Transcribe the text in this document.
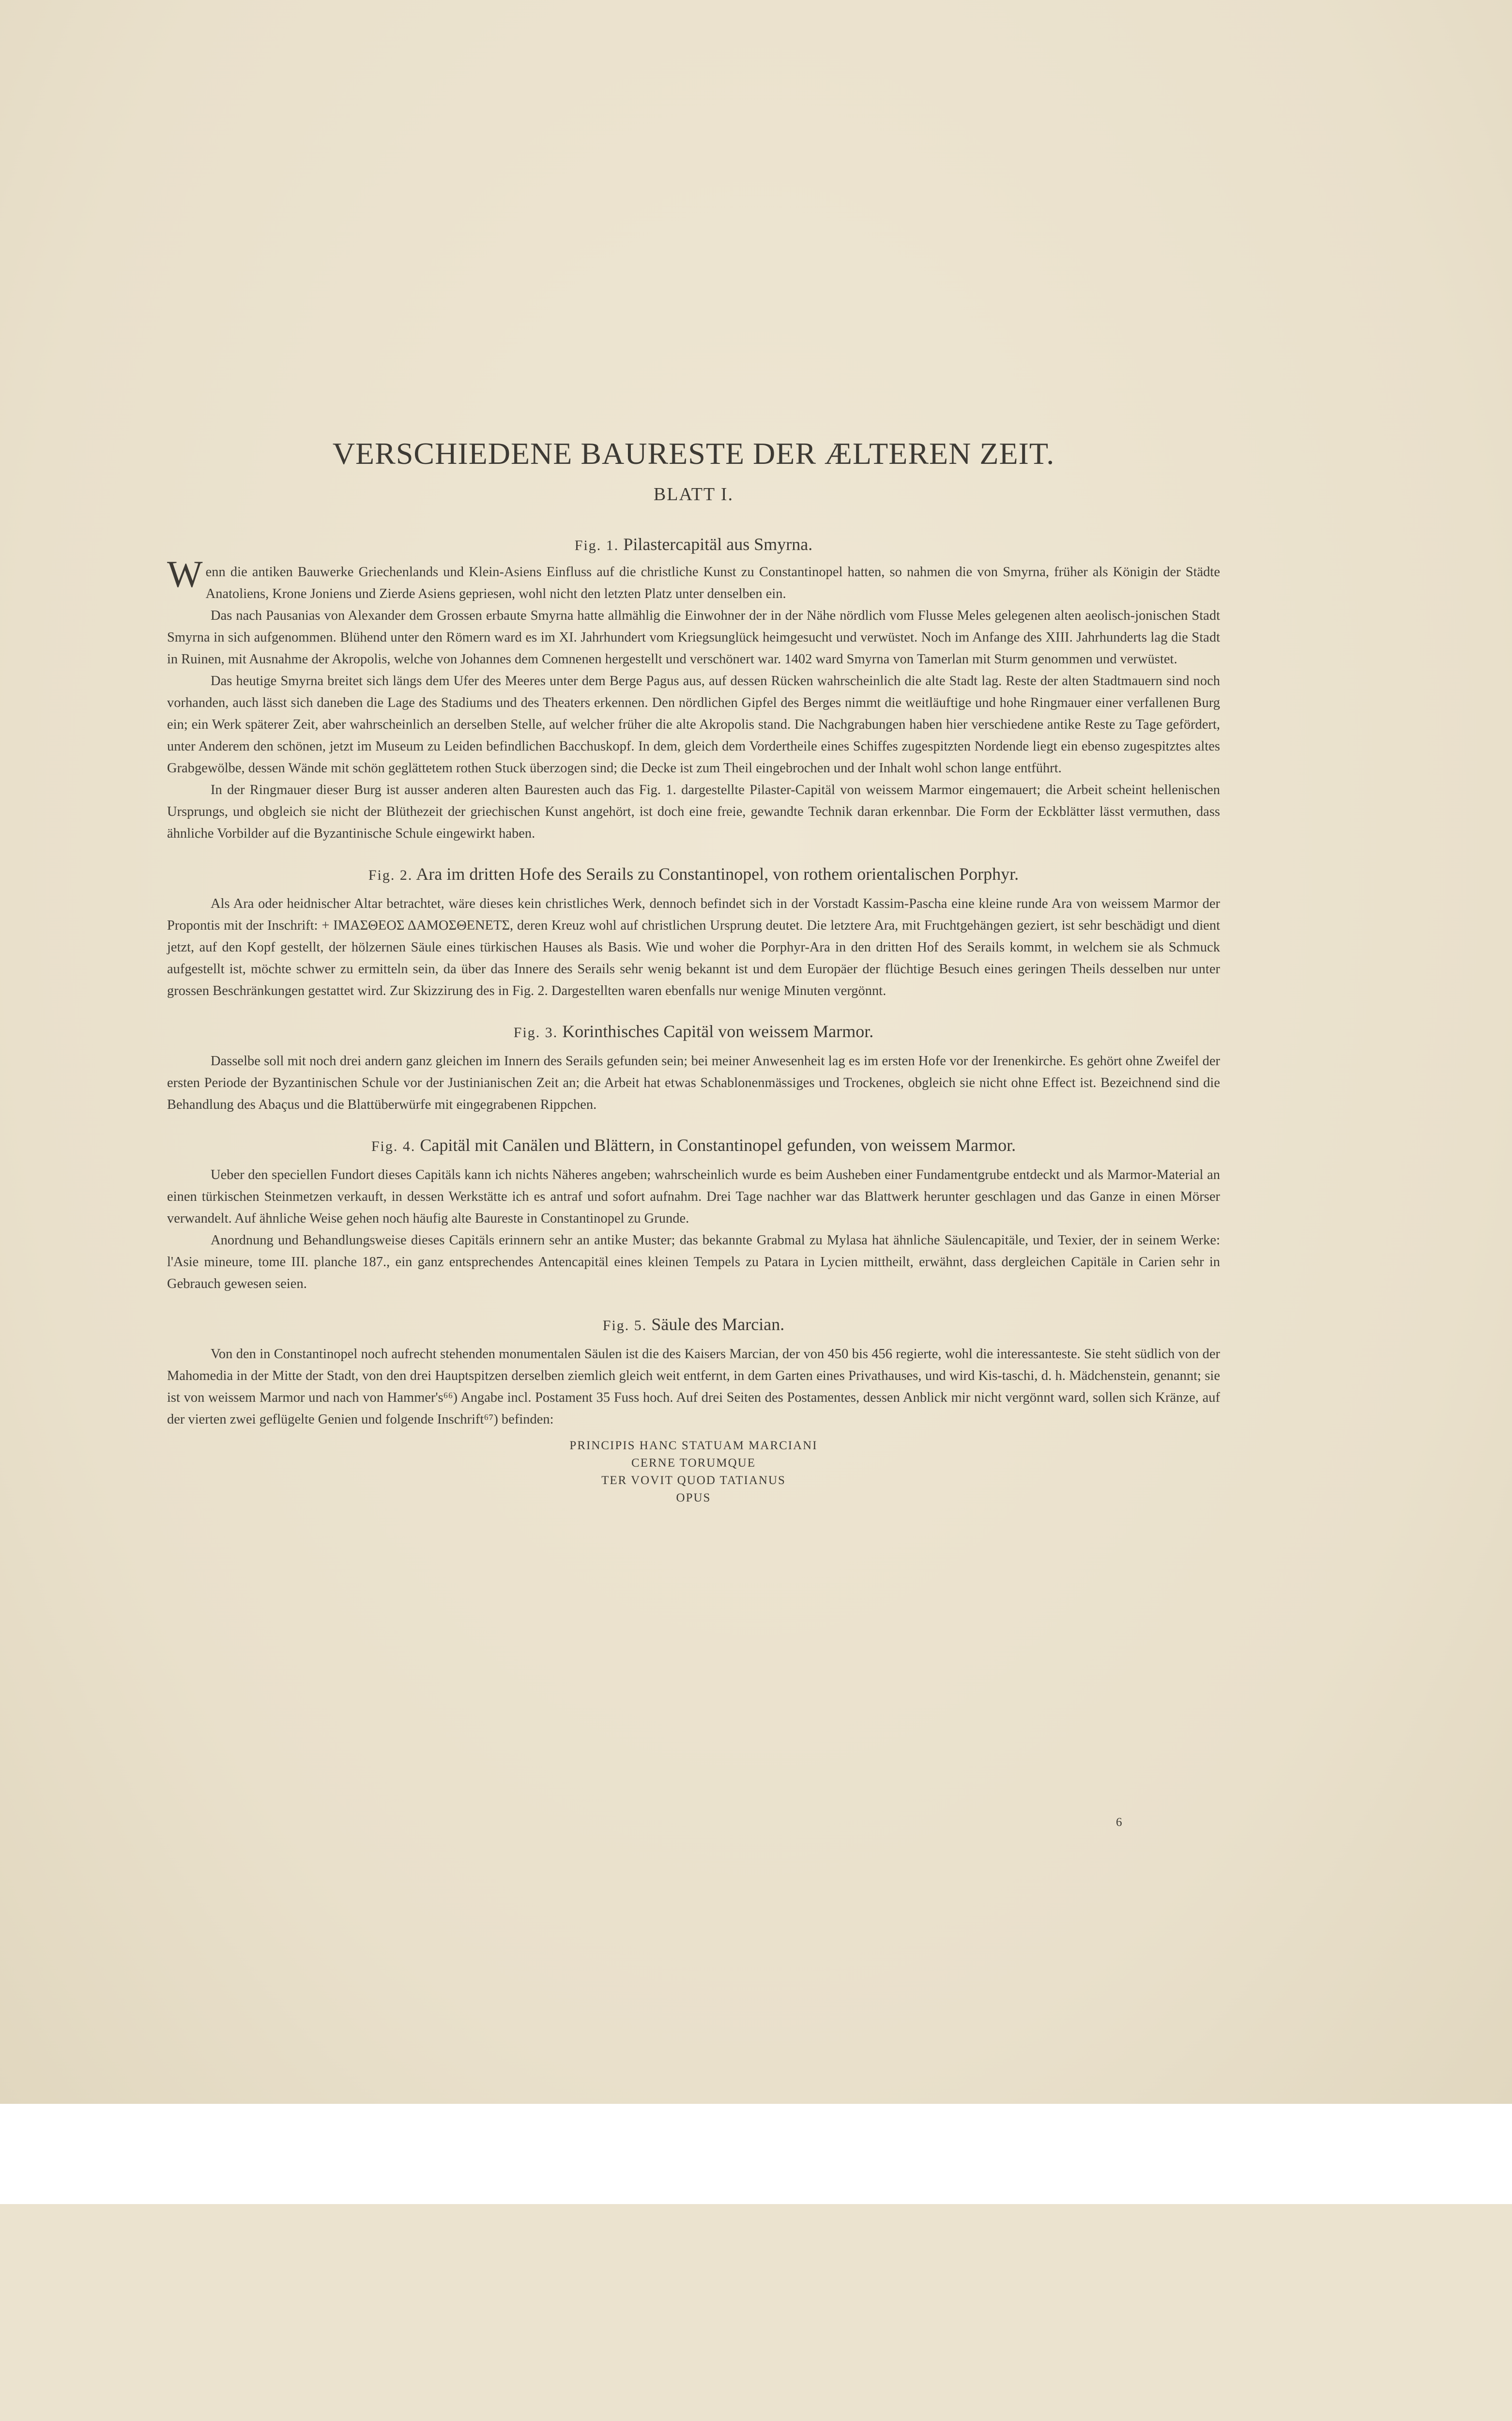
VERSCHIEDENE BAURESTE DER ÆLTEREN ZEIT.
BLATT I.
Fig. 1. Pilastercapitäl aus Smyrna.

Wenn die antiken Bauwerke Griechenlands und Klein-Asiens Einfluss auf die christliche Kunst zu Constantinopel hatten, so nahmen die von Smyrna, früher als Königin der Städte Anatoliens, Krone Joniens und Zierde Asiens gepriesen, wohl nicht den letzten Platz unter denselben ein.

Das nach Pausanias von Alexander dem Grossen erbaute Smyrna hatte allmählig die Einwohner der in der Nähe nördlich vom Flusse Meles gelegenen alten aeolisch-jonischen Stadt Smyrna in sich aufgenommen. Blühend unter den Römern ward es im XI. Jahrhundert vom Kriegsunglück heimgesucht und verwüstet. Noch im Anfange des XIII. Jahrhunderts lag die Stadt in Ruinen, mit Ausnahme der Akropolis, welche von Johannes dem Comnenen hergestellt und verschönert war. 1402 ward Smyrna von Tamerlan mit Sturm genommen und verwüstet.

Das heutige Smyrna breitet sich längs dem Ufer des Meeres unter dem Berge Pagus aus, auf dessen Rücken wahrscheinlich die alte Stadt lag. Reste der alten Stadtmauern sind noch vorhanden, auch lässt sich daneben die Lage des Stadiums und des Theaters erkennen. Den nördlichen Gipfel des Berges nimmt die weitläuftige und hohe Ringmauer einer verfallenen Burg ein; ein Werk späterer Zeit, aber wahrscheinlich an derselben Stelle, auf welcher früher die alte Akropolis stand. Die Nachgrabungen haben hier verschiedene antike Reste zu Tage gefördert, unter Anderem den schönen, jetzt im Museum zu Leiden befindlichen Bacchuskopf. In dem, gleich dem Vordertheile eines Schiffes zugespitzten Nordende liegt ein ebenso zugespitztes altes Grabgewölbe, dessen Wände mit schön geglättetem rothen Stuck überzogen sind; die Decke ist zum Theil eingebrochen und der Inhalt wohl schon lange entführt.

In der Ringmauer dieser Burg ist ausser anderen alten Bauresten auch das Fig. 1. dargestellte Pilaster-Capitäl von weissem Marmor eingemauert; die Arbeit scheint hellenischen Ursprungs, und obgleich sie nicht der Blüthezeit der griechischen Kunst angehört, ist doch eine freie, gewandte Technik daran erkennbar. Die Form der Eckblätter lässt vermuthen, dass ähnliche Vorbilder auf die Byzantinische Schule eingewirkt haben.

Fig. 2. Ara im dritten Hofe des Serails zu Constantinopel, von rothem orientalischen Porphyr.

Als Ara oder heidnischer Altar betrachtet, wäre dieses kein christliches Werk, dennoch befindet sich in der Vorstadt Kassim-Pascha eine kleine runde Ara von weissem Marmor der Propontis mit der Inschrift: + ΙΜΑΣΘΕΟΣ ΔΑΜΟΣΘΕΝΕΤΣ, deren Kreuz wohl auf christlichen Ursprung deutet. Die letztere Ara, mit Fruchtgehängen geziert, ist sehr beschädigt und dient jetzt, auf den Kopf gestellt, der hölzernen Säule eines türkischen Hauses als Basis. Wie und woher die Porphyr-Ara in den dritten Hof des Serails kommt, in welchem sie als Schmuck aufgestellt ist, möchte schwer zu ermitteln sein, da über das Innere des Serails sehr wenig bekannt ist und dem Europäer der flüchtige Besuch eines geringen Theils desselben nur unter grossen Beschränkungen gestattet wird. Zur Skizzirung des in Fig. 2. Dargestellten waren ebenfalls nur wenige Minuten vergönnt.

Fig. 3. Korinthisches Capitäl von weissem Marmor.

Dasselbe soll mit noch drei andern ganz gleichen im Innern des Serails gefunden sein; bei meiner Anwesenheit lag es im ersten Hofe vor der Irenenkirche. Es gehört ohne Zweifel der ersten Periode der Byzantinischen Schule vor der Justinianischen Zeit an; die Arbeit hat etwas Schablonenmässiges und Trockenes, obgleich sie nicht ohne Effect ist. Bezeichnend sind die Behandlung des Abaçus und die Blattüberwürfe mit eingegrabenen Rippchen.

Fig. 4. Capitäl mit Canälen und Blättern, in Constantinopel gefunden, von weissem Marmor.

Ueber den speciellen Fundort dieses Capitäls kann ich nichts Näheres angeben; wahrscheinlich wurde es beim Ausheben einer Fundamentgrube entdeckt und als Marmor-Material an einen türkischen Steinmetzen verkauft, in dessen Werkstätte ich es antraf und sofort aufnahm. Drei Tage nachher war das Blattwerk herunter geschlagen und das Ganze in einen Mörser verwandelt. Auf ähnliche Weise gehen noch häufig alte Baureste in Constantinopel zu Grunde.

Anordnung und Behandlungsweise dieses Capitäls erinnern sehr an antike Muster; das bekannte Grabmal zu Mylasa hat ähnliche Säulencapitäle, und Texier, der in seinem Werke: l'Asie mineure, tome III. planche 187., ein ganz entsprechendes Antencapitäl eines kleinen Tempels zu Patara in Lycien mittheilt, erwähnt, dass dergleichen Capitäle in Carien sehr in Gebrauch gewesen seien.

Fig. 5. Säule des Marcian.

Von den in Constantinopel noch aufrecht stehenden monumentalen Säulen ist die des Kaisers Marcian, der von 450 bis 456 regierte, wohl die interessanteste. Sie steht südlich von der Mahomedia in der Mitte der Stadt, von den drei Hauptspitzen derselben ziemlich gleich weit entfernt, in dem Garten eines Privathauses, und wird Kis-taschi, d. h. Mädchenstein, genannt; sie ist von weissem Marmor und nach von Hammer's⁶⁶) Angabe incl. Postament 35 Fuss hoch. Auf drei Seiten des Postamentes, dessen Anblick mir nicht vergönnt ward, sollen sich Kränze, auf der vierten zwei geflügelte Genien und folgende Inschrift⁶⁷) befinden:

PRINCIPIS HANC STATUAM MARCIANI
CERNE TORUMQUE
TER VOVIT QUOD TATIANUS
OPUS
6
